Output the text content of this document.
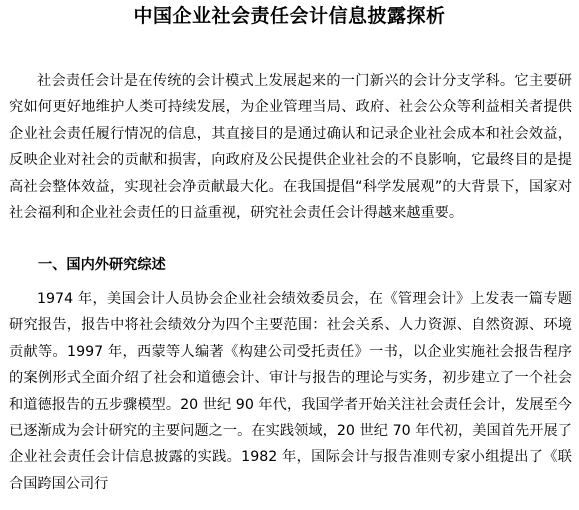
中国企业社会责任会计信息披露探析

社会责任会计是在传统的会计模式上发展起来的一门新兴的会计分支学科。它主要研究如何更好地维护人类可持续发展，为企业管理当局、政府、社会公众等利益相关者提供企业社会责任履行情况的信息，其直接目的是通过确认和记录企业社会成本和社会效益，反映企业对社会的贡献和损害，向政府及公民提供企业社会的不良影响，它最终目的是提高社会整体效益，实现社会净贡献最大化。在我国提倡“科学发展观”的大背景下，国家对社会福利和企业社会责任的日益重视，研究社会责任会计得越来越重要。

一、国内外研究综述

1974 年，美国会计人员协会企业社会绩效委员会，在《管理会计》上发表一篇专题研究报告，报告中将社会绩效分为四个主要范围：社会关系、人力资源、自然资源、环境贡献等。1997 年，西蒙等人编著《构建公司受托责任》一书，以企业实施社会报告程序的案例形式全面介绍了社会和道德会计、审计与报告的理论与实务，初步建立了一个社会和道德报告的五步骤模型。20 世纪 90 年代，我国学者开始关注社会责任会计，发展至今已逐渐成为会计研究的主要问题之一。在实践领域，20 世纪 70 年代初，美国首先开展了企业社会责任会计信息披露的实践。1982 年，国际会计与报告准则专家小组提出了《联合国跨国公司行
